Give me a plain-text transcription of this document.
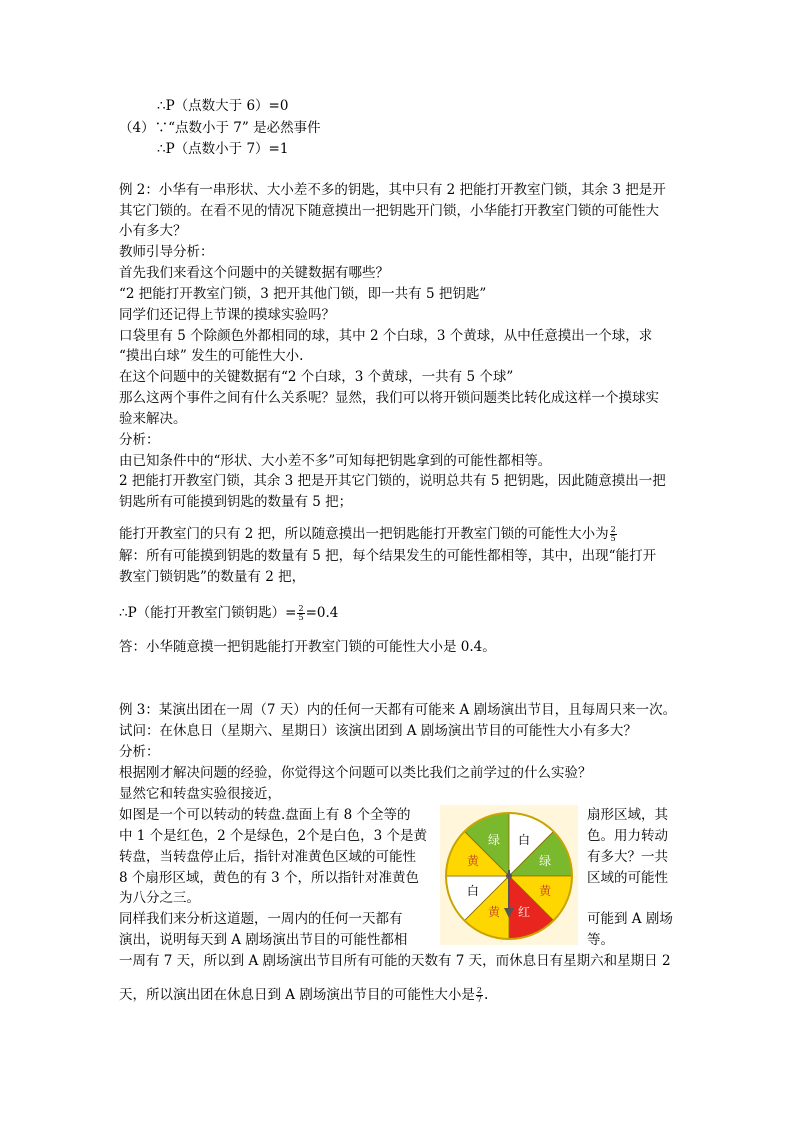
∴P（点数大于 6）=0
（4）∵“点数小于 7” 是必然事件
∴P（点数小于 7）=1
例 2：小华有一串形状、大小差不多的钥匙，其中只有 2 把能打开教室门锁，其余 3 把是开
其它门锁的。在看不见的情况下随意摸出一把钥匙开门锁，小华能打开教室门锁的可能性大
小有多大？
教师引导分析：
首先我们来看这个问题中的关键数据有哪些？
“2 把能打开教室门锁，3 把开其他门锁，即一共有 5 把钥匙”
同学们还记得上节课的摸球实验吗？
口袋里有 5 个除颜色外都相同的球，其中 2 个白球，3 个黄球，从中任意摸出一个球，求
“摸出白球” 发生的可能性大小.
在这个问题中的关键数据有“2 个白球，3 个黄球，一共有 5 个球”
那么这两个事件之间有什么关系呢？显然，我们可以将开锁问题类比转化成这样一个摸球实
验来解决。
分析：
由已知条件中的“形状、大小差不多”可知每把钥匙拿到的可能性都相等。
2 把能打开教室门锁，其余 3 把是开其它门锁的，说明总共有 5 把钥匙，因此随意摸出一把
钥匙所有可能摸到钥匙的数量有 5 把；
能打开教室门的只有 2 把，所以随意摸出一把钥匙能打开教室门锁的可能性大小为 $\frac{2}{5}$
解：所有可能摸到钥匙的数量有 5 把，每个结果发生的可能性都相等，其中，出现“能打开
教室门锁钥匙”的数量有 2 把，
∴P（能打开教室门锁钥匙）= $\frac{2}{5} =0.4$
答：小华随意摸一把钥匙能打开教室门锁的可能性大小是 0.4。
例 3：某演出团在一周（7 天）内的任何一天都有可能来 A 剧场演出节目，且每周只来一次。
试问：在休息日（星期六、星期日）该演出团到 A 剧场演出节目的可能性大小有多大？
分析：
根据刚才解决问题的经验，你觉得这个问题可以类比我们之前学过的什么实验？
显然它和转盘实验很接近，
如图是一个可以转动的转盘.盘面上有 8 个全等的	扇形区域，其
中 1 个是红色，2 个是绿色，2个是白色，3 个是黄	色。用力转动
转盘，当转盘停止后，指针对准黄色区域的可能性	有多大？一共
8 个扇形区域，黄色的有 3 个，所以指针对准黄色	区域的可能性
为八分之三。
同样我们来分析这道题，一周内的任何一天都有	可能到 A 剧场
演出，说明每天到 A 剧场演出节目的可能性都相	等。
一周有 7 天，所以到 A 剧场演出节目所有可能的天数有 7 天，而休息日有星期六和星期日 2
天，所以演出团在休息日到 A 剧场演出节目的可能性大小是 $\frac{2}{7}$ .
绿 白
绿
黄
红
黄
白
黄
